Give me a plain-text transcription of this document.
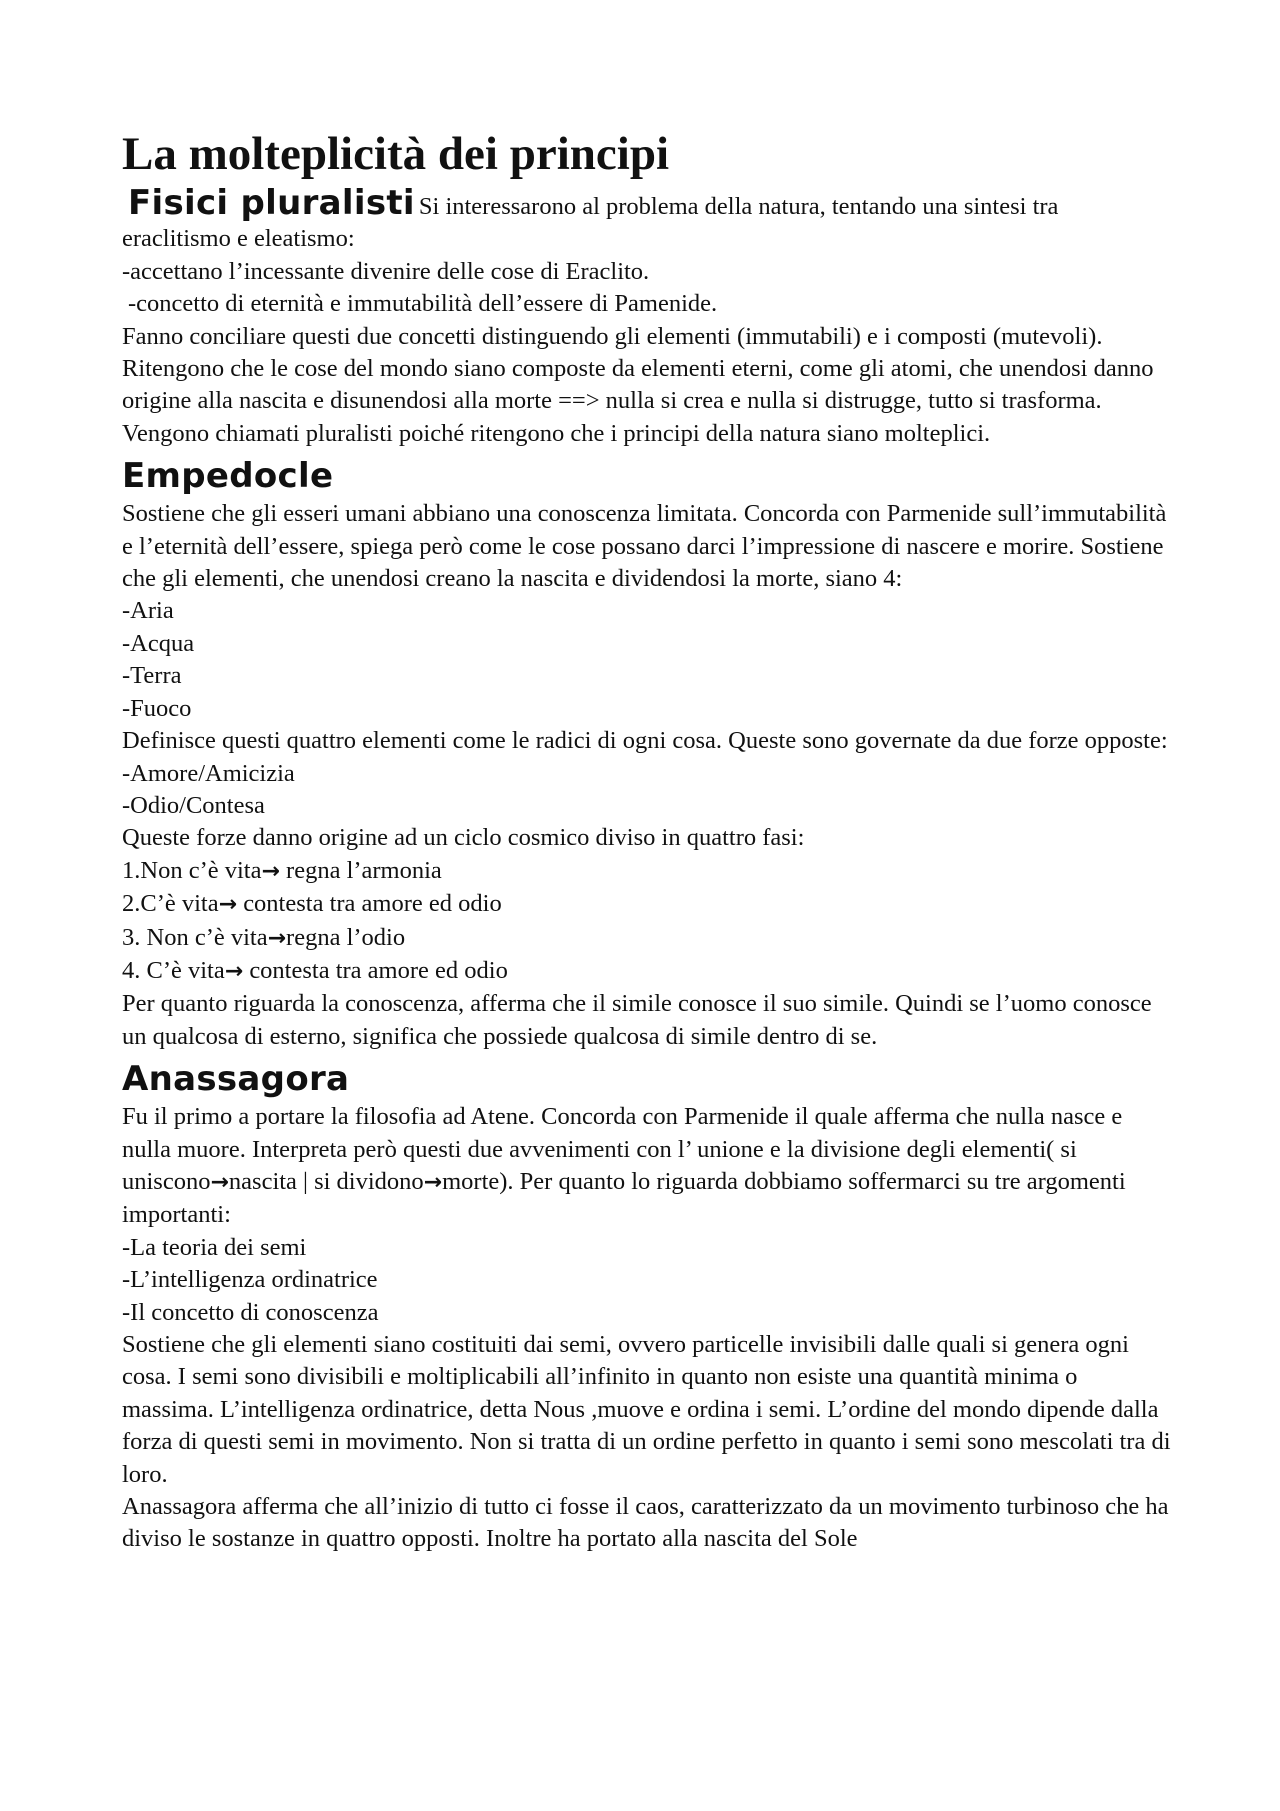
La molteplicità dei principi

Fisici pluralisti Si interessarono al problema della natura, tentando una sintesi tra eraclitismo e eleatismo:

-accettano l’incessante divenire delle cose di Eraclito.
-concetto di eternità e immutabilità dell’essere di Pamenide.

Fanno conciliare questi due concetti distinguendo gli elementi (immutabili) e i composti (mutevoli). Ritengono che le cose del mondo siano composte da elementi eterni, come gli atomi, che unendosi danno origine alla nascita e disunendosi alla morte ==> nulla si crea e nulla si distrugge, tutto si trasforma. Vengono chiamati pluralisti poiché ritengono che i principi della natura siano molteplici.

Empedocle

Sostiene che gli esseri umani abbiano una conoscenza limitata. Concorda con Parmenide sull’immutabilità e l’eternità dell’essere, spiega però come le cose possano darci l’impressione di nascere e morire. Sostiene che gli elementi, che unendosi creano la nascita e dividendosi la morte, siano 4:

-Aria
-Acqua
-Terra
-Fuoco

Definisce questi quattro elementi come le radici di ogni cosa. Queste sono governate da due forze opposte:

-Amore/Amicizia
-Odio/Contesa

Queste forze danno origine ad un ciclo cosmico diviso in quattro fasi:

1.Non c’è vita→ regna l’armonia
2.C’è vita→ contesta tra amore ed odio
3. Non c’è vita→regna l’odio
4. C’è vita→ contesta tra amore ed odio

Per quanto riguarda la conoscenza, afferma che il simile conosce il suo simile. Quindi se l’uomo conosce un qualcosa di esterno, significa che possiede qualcosa di simile dentro di se.

Anassagora

Fu il primo a portare la filosofia ad Atene. Concorda con Parmenide il quale afferma che nulla nasce e nulla muore. Interpreta però questi due avvenimenti con l’ unione e la divisione degli elementi( si uniscono→nascita | si dividono→morte). Per quanto lo riguarda dobbiamo soffermarci su tre argomenti importanti:

-La teoria dei semi
-L’intelligenza ordinatrice
-Il concetto di conoscenza

Sostiene che gli elementi siano costituiti dai semi, ovvero particelle invisibili dalle quali si genera ogni cosa. I semi sono divisibili e moltiplicabili all’infinito in quanto non esiste una quantità minima o massima. L’intelligenza ordinatrice, detta Nous ,muove e ordina i semi. L’ordine del mondo dipende dalla forza di questi semi in movimento. Non si tratta di un ordine perfetto in quanto i semi sono mescolati tra di loro.

Anassagora afferma che all’inizio di tutto ci fosse il caos, caratterizzato da un movimento turbinoso che ha diviso le sostanze in quattro opposti. Inoltre ha portato alla nascita del Sole
